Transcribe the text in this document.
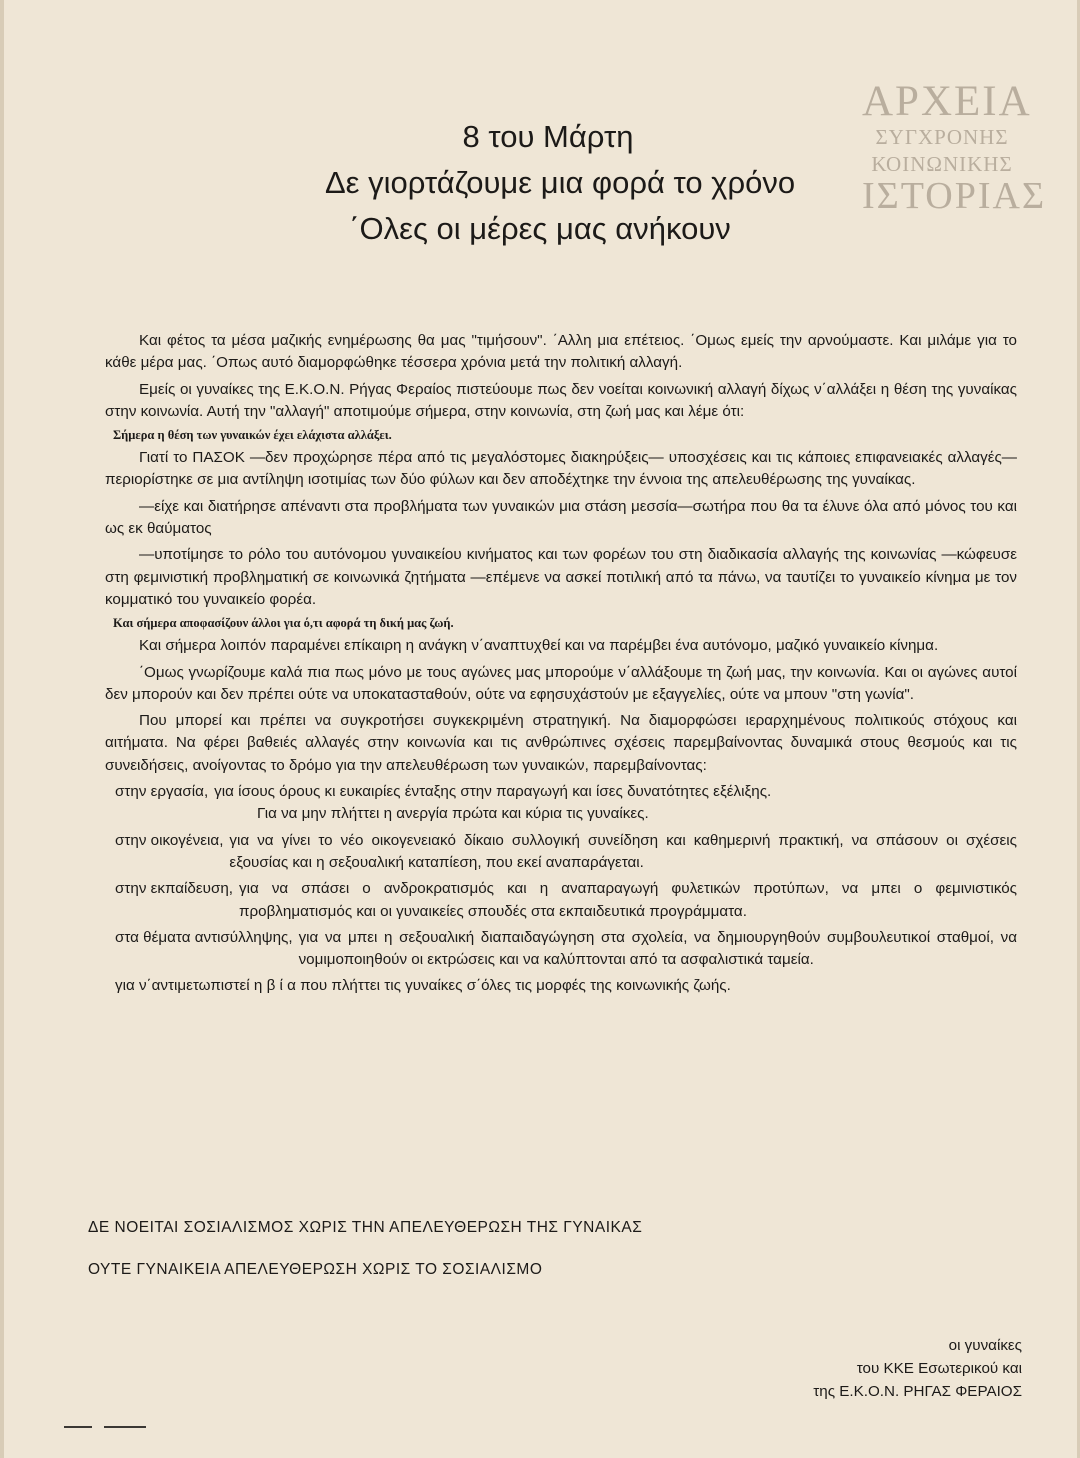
ΑΡΧΕΙΑ
ΣΥΓΧΡΟΝΗΣ
ΚΟΙΝΩΝΙΚΗΣ
ΙΣΤΟΡΙΑΣ
8 του Μάρτη
Δε γιορτάζουμε μια φορά το χρόνο
΄Ολες οι μέρες μας ανήκουν

Και φέτος τα μέσα μαζικής ενημέρωσης θα μας "τιμήσουν". ΄Αλλη μια επέτειος. ΄Ομως εμείς την αρνούμαστε. Και μιλάμε για το κάθε μέρα μας. ΄Οπως αυτό διαμορφώθηκε τέσσερα χρόνια μετά την πολιτική αλλαγή.

Εμείς οι γυναίκες της Ε.Κ.Ο.Ν. Ρήγας Φεραίος πιστεύουμε πως δεν νοείται κοινωνική αλλαγή δίχως ν΄αλλάξει η θέση της γυναίκας στην κοινωνία. Αυτή την "αλλαγή" αποτιμούμε σήμερα, στην κοινωνία, στη ζωή μας και λέμε ότι:

Σήμερα η θέση των γυναικών έχει ελάχιστα αλλάξει.

Γιατί το ΠΑΣΟΚ —δεν προχώρησε πέρα από τις μεγαλόστομες διακηρύξεις— υποσχέσεις και τις κάποιες επιφανειακές αλλαγές— περιορίστηκε σε μια αντίληψη ισοτιμίας των δύο φύλων και δεν αποδέχτηκε την έννοια της απελευθέρωσης της γυναίκας.

—είχε και διατήρησε απέναντι στα προβλήματα των γυναικών μια στάση μεσσία—σωτήρα που θα τα έλυνε όλα από μόνος του και ως εκ θαύματος

—υποτίμησε το ρόλο του αυτόνομου γυναικείου κινήματος και των φορέων του στη διαδικασία αλλαγής της κοινωνίας —κώφευσε στη φεμινιστική προβληματική σε κοινωνικά ζητήματα —επέμενε να ασκεί ποτιλική από τα πάνω, να ταυτίζει το γυναικείο κίνημα με τον κομματικό του γυναικείο φορέα.

Και σήμερα αποφασίζουν άλλοι για ό,τι αφορά τη δική μας ζωή.

Και σήμερα λοιπόν παραμένει επίκαιρη η ανάγκη ν΄αναπτυχθεί και να παρέμβει ένα αυτόνομο, μαζικό γυναικείο κίνημα.

΄Ομως γνωρίζουμε καλά πια πως μόνο με τους αγώνες μας μπορούμε ν΄αλλάξουμε τη ζωή μας, την κοινωνία. Και οι αγώνες αυτοί δεν μπορούν και δεν πρέπει ούτε να υποκατασταθούν, ούτε να εφησυχάστούν με εξαγγελίες, ούτε να μπουν "στη γωνία".

Που μπορεί και πρέπει να συγκροτήσει συγκεκριμένη στρατηγική. Να διαμορφώσει ιεραρχημένους πολιτικούς στόχους και αιτήματα. Να φέρει βαθειές αλλαγές στην κοινωνία και τις ανθρώπινες σχέσεις παρεμβαίνοντας δυναμικά στους θεσμούς και τις συνειδήσεις, ανοίγοντας το δρόμο για την απελευθέρωση των γυναικών, παρεμβαίνοντας:

στην εργασία, για ίσους όρους κι ευκαιρίες ένταξης στην παραγωγή και ίσες δυνατότητες εξέλιξης.

Για να μην πλήττει η ανεργία πρώτα και κύρια τις γυναίκες.

στην οικογένεια, για να γίνει το νέο οικογενειακό δίκαιο συλλογική συνείδηση και καθημερινή πρακτική, να σπάσουν οι σχέσεις εξουσίας και η σεξουαλική καταπίεση, που εκεί αναπαράγεται.
στην εκπαίδευση, για να σπάσει ο ανδροκρατισμός και η αναπαραγωγή φυλετικών προτύπων, να μπει ο φεμινιστικός προβληματισμός και οι γυναικείες σπουδές στα εκπαιδευτικά προγράμματα.
στα θέματα αντισύλληψης, για να μπει η σεξουαλική διαπαιδαγώγηση στα σχολεία, να δημιουργηθούν συμβουλευτικοί σταθμοί, να νομιμοποιηθούν οι εκτρώσεις και να καλύπτονται από τα ασφαλιστικά ταμεία.

για ν΄αντιμετωπιστεί η β ί α που πλήττει τις γυναίκες σ΄όλες τις μορφές της κοινωνικής ζωής.

ΔΕ ΝΟΕΙΤΑΙ ΣΟΣΙΑΛΙΣΜΟΣ ΧΩΡΙΣ ΤΗΝ ΑΠΕΛΕΥΘΕΡΩΣΗ ΤΗΣ ΓΥΝΑΙΚΑΣ
ΟΥΤΕ ΓΥΝΑΙΚΕΙΑ ΑΠΕΛΕΥΘΕΡΩΣΗ ΧΩΡΙΣ ΤΟ ΣΟΣΙΑΛΙΣΜΟ
οι γυναίκες
του ΚΚΕ Εσωτερικού και
της Ε.Κ.Ο.Ν. ΡΗΓΑΣ ΦΕΡΑΙΟΣ
